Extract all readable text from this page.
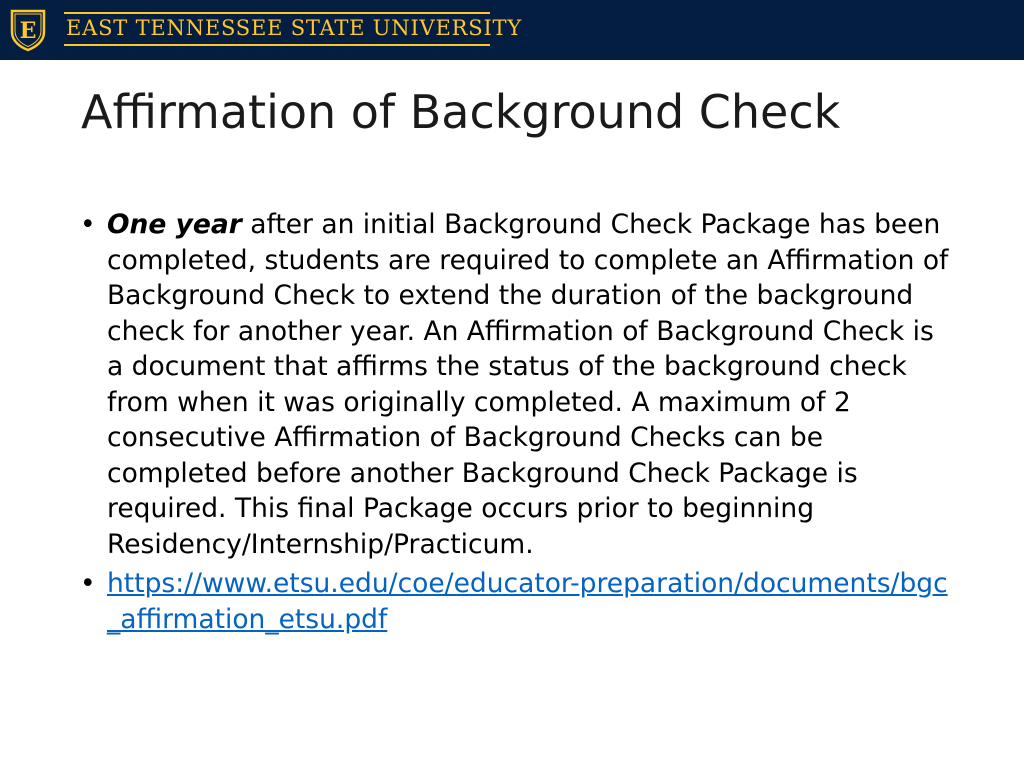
E EAST TENNESSEE STATE UNIVERSITY
Affirmation of Background Check
• One year after an initial Background Check Package has been completed, students are required to complete an Affirmation of Background Check to extend the duration of the background check for another year. An Affirmation of Background Check is a document that affirms the status of the background check from when it was originally completed. A maximum of 2 consecutive Affirmation of Background Checks can be completed before another Background Check Package is required. This final Package occurs prior to beginning Residency/Internship/Practicum.
• https://www.etsu.edu/coe/educator-preparation/documents/bgc_affirmation_etsu.pdf
